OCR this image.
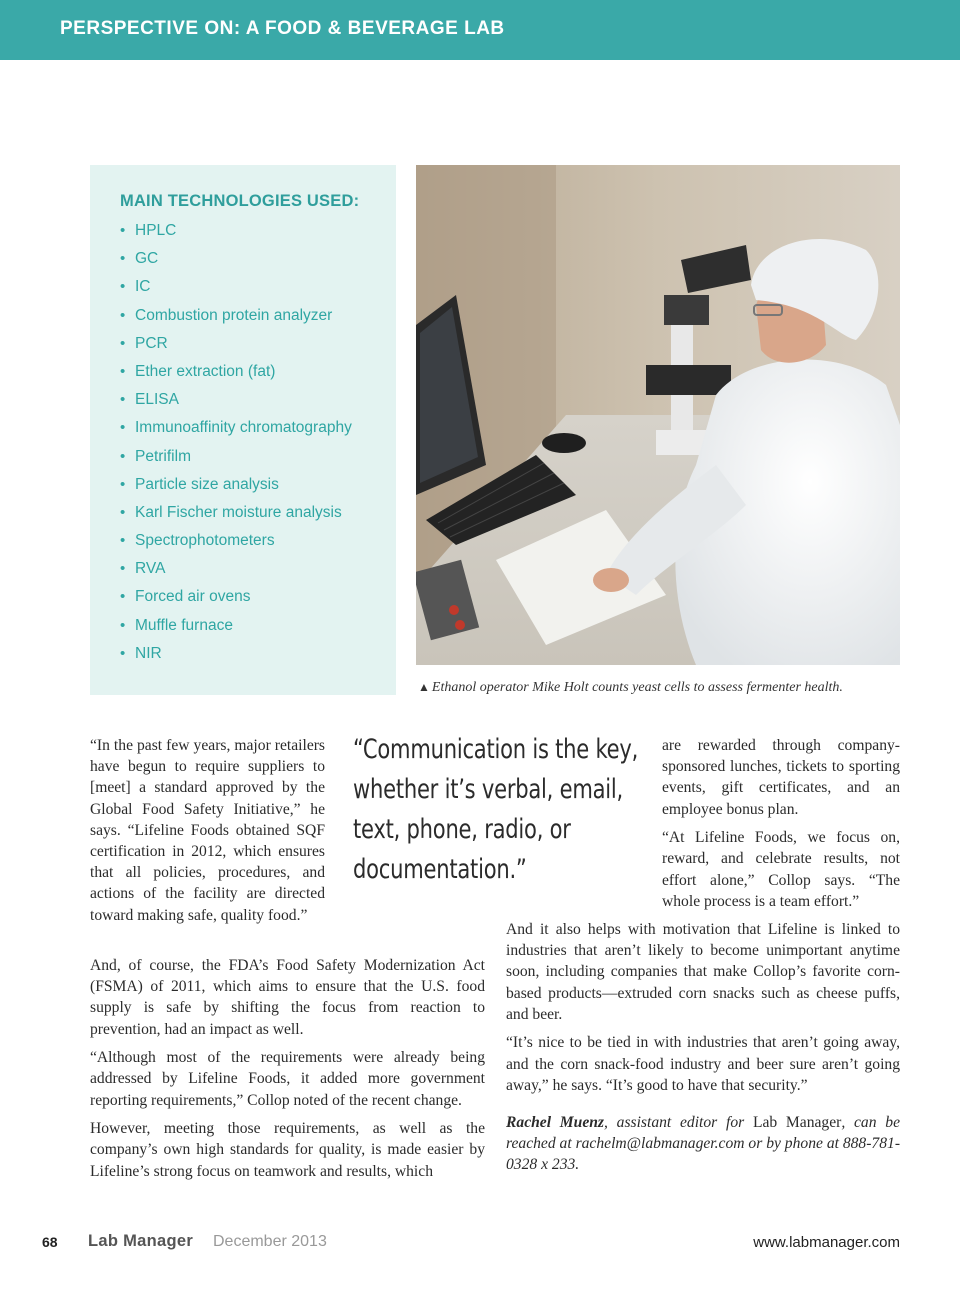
PERSPECTIVE ON: A FOOD & BEVERAGE LAB
MAIN TECHNOLOGIES USED:
• HPLC
• GC
• IC
• Combustion protein analyzer
• PCR
• Ether extraction (fat)
• ELISA
• Immunoaffinity chromatography
• Petrifilm
• Particle size analysis
• Karl Fischer moisture analysis
• Spectrophotometers
• RVA
• Forced air ovens
• Muffle furnace
• NIR
▲ Ethanol operator Mike Holt counts yeast cells to assess fermenter health.

“In the past few years, major retailers have begun to require suppliers to [meet] a standard approved by the Global Food Safety Initiative,” he says. “Lifeline Foods obtained SQF certification in 2012, which ensures that all policies, procedures, and actions of the facility are directed toward making safe, quality food.”

“Communication is the key, whether it’s verbal, email, text, phone, radio, or documentation.”

are rewarded through company-sponsored lunches, tickets to sporting events, gift certificates, and an employee bonus plan.

“At Lifeline Foods, we focus on, reward, and celebrate results, not effort alone,” Collop says. “The whole process is a team effort.”

And, of course, the FDA’s Food Safety Modernization Act (FSMA) of 2011, which aims to ensure that the U.S. food supply is safe by shifting the focus from reaction to prevention, had an impact as well.

“Although most of the requirements were already being addressed by Lifeline Foods, it added more government reporting requirements,” Collop noted of the recent change.

However, meeting those requirements, as well as the company’s own high standards for quality, is made easier by Lifeline’s strong focus on teamwork and results, which

And it also helps with motivation that Lifeline is linked to industries that aren’t likely to become unimportant anytime soon, including companies that make Collop’s favorite corn-based products—extruded corn snacks such as cheese puffs, and beer.

“It’s nice to be tied in with industries that aren’t going away, and the corn snack-food industry and beer sure aren’t going away,” he says. “It’s good to have that security.”

Rachel Muenz, assistant editor for Lab Manager, can be reached at rachelm@labmanager.com or by phone at 888-781-0328 x 233.

68 Lab Manager December 2013	www.labmanager.com
